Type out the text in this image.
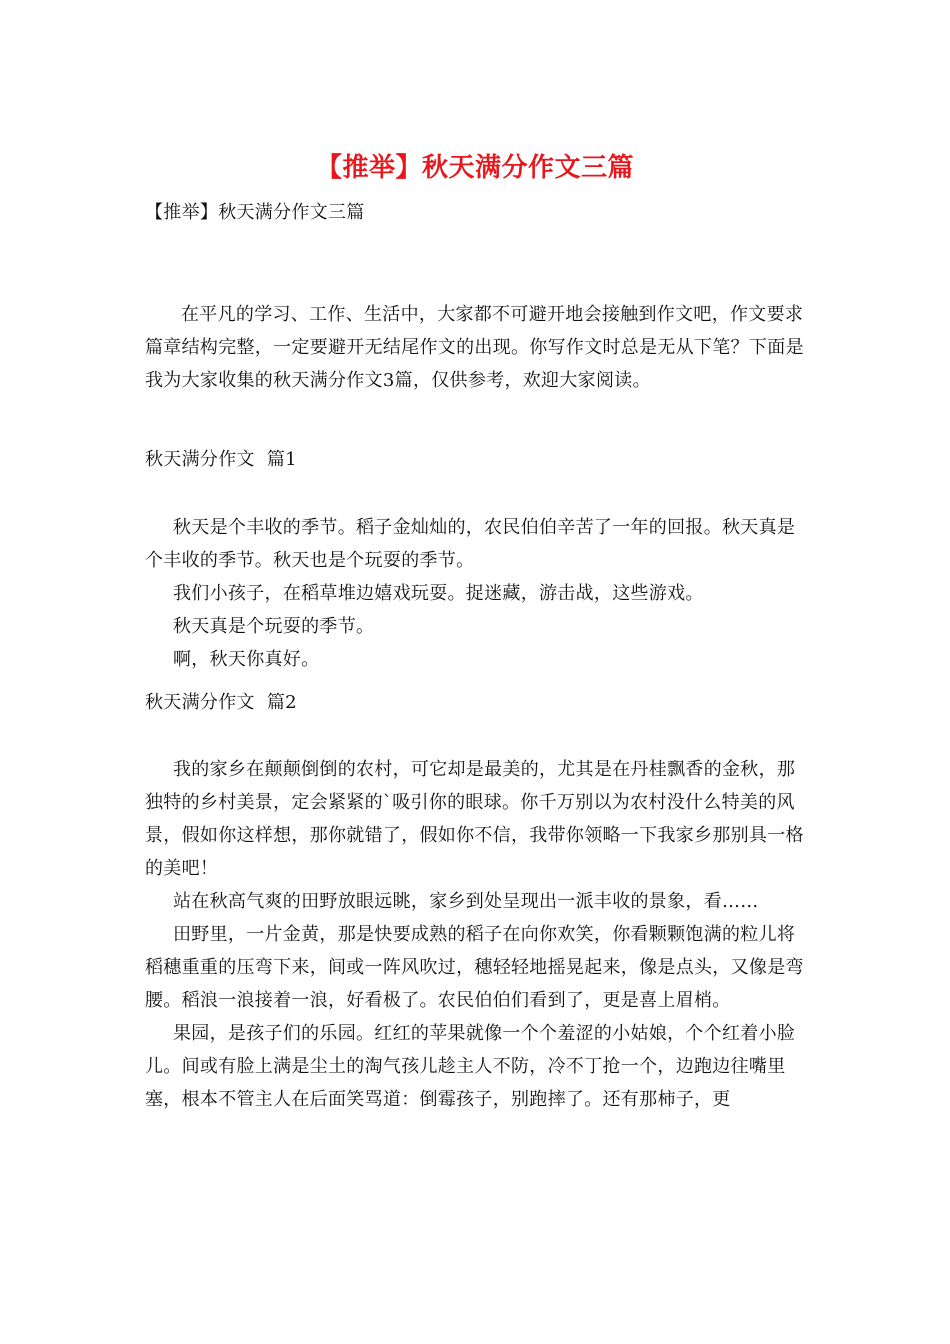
【推举】秋天满分作文三篇

【推举】秋天满分作文三篇

在平凡的学习、工作、生活中，大家都不可避开地会接触到作文吧，作文要求篇章结构完整，一定要避开无结尾作文的出现。你写作文时总是无从下笔？下面是我为大家收集的秋天满分作文3篇，仅供参考，欢迎大家阅读。

秋天满分作文  篇1

秋天是个丰收的季节。稻子金灿灿的，农民伯伯辛苦了一年的回报。秋天真是个丰收的季节。秋天也是个玩耍的季节。

我们小孩子，在稻草堆边嬉戏玩耍。捉迷藏，游击战，这些游戏。

秋天真是个玩耍的季节。

啊，秋天你真好。

秋天满分作文  篇2

我的家乡在颠颠倒倒的农村，可它却是最美的，尤其是在丹桂飘香的金秋，那独特的乡村美景，定会紧紧的`吸引你的眼球。你千万别以为农村没什么特美的风景，假如你这样想，那你就错了，假如你不信，我带你领略一下我家乡那别具一格的美吧！

站在秋高气爽的田野放眼远眺，家乡到处呈现出一派丰收的景象，看……

田野里，一片金黄，那是快要成熟的稻子在向你欢笑，你看颗颗饱满的粒儿将稻穗重重的压弯下来，间或一阵风吹过，穗轻轻地摇晃起来，像是点头，又像是弯腰。稻浪一浪接着一浪，好看极了。农民伯伯们看到了，更是喜上眉梢。

果园，是孩子们的乐园。红红的苹果就像一个个羞涩的小姑娘，个个红着小脸儿。间或有脸上满是尘土的淘气孩儿趁主人不防，冷不丁抢一个，边跑边往嘴里塞，根本不管主人在后面笑骂道：倒霉孩子，别跑摔了。还有那柿子，更
